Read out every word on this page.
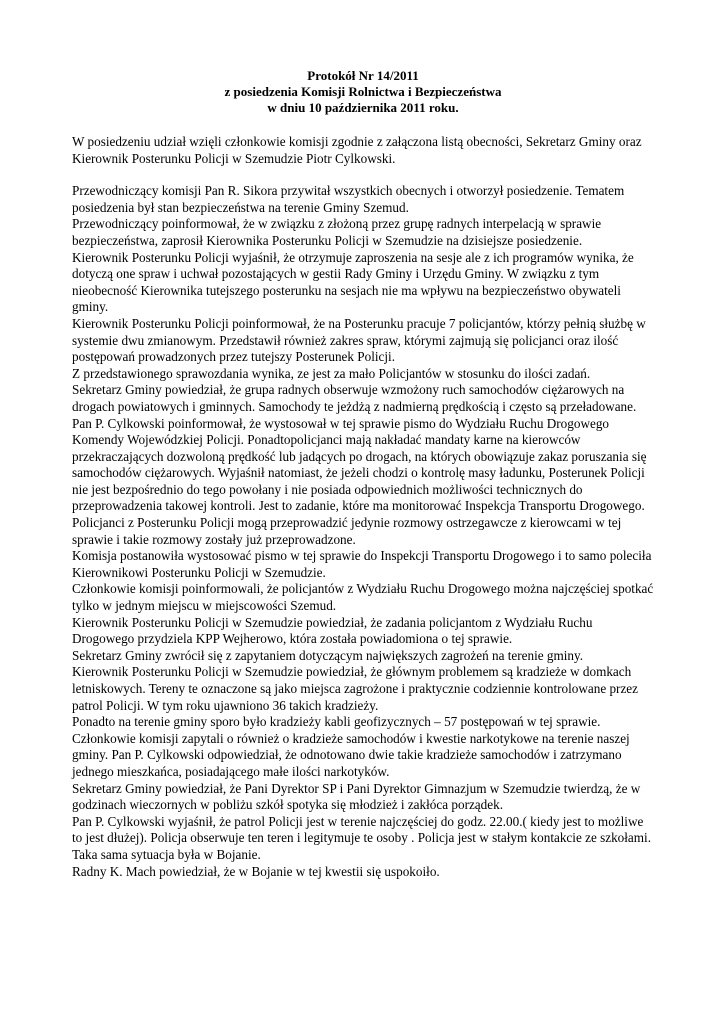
Protokół Nr 14/2011
z posiedzenia Komisji Rolnictwa i Bezpieczeństwa
w dniu 10 października 2011 roku.

W posiedzeniu udział wzięli członkowie komisji zgodnie z załączona listą obecności, Sekretarz Gminy oraz Kierownik Posterunku Policji w Szemudzie Piotr Cylkowski.

Przewodniczący komisji Pan R. Sikora przywitał wszystkich obecnych i otworzył posiedzenie. Tematem posiedzenia był stan bezpieczeństwa na terenie Gminy Szemud.

Przewodniczący poinformował, że w związku z złożoną przez grupę radnych interpelacją w sprawie bezpieczeństwa, zaprosił Kierownika Posterunku Policji w Szemudzie na dzisiejsze posiedzenie.

Kierownik Posterunku Policji wyjaśnił, że otrzymuje zaproszenia na sesje ale z ich programów wynika, że dotyczą one spraw i uchwał pozostających w gestii Rady Gminy i Urzędu Gminy. W związku z tym nieobecność Kierownika tutejszego posterunku na sesjach nie ma wpływu na bezpieczeństwo obywateli gminy.

Kierownik Posterunku Policji poinformował, że na Posterunku pracuje 7 policjantów, którzy pełnią służbę w systemie dwu zmianowym. Przedstawił również zakres spraw, którymi zajmują się policjanci oraz ilość postępowań prowadzonych przez tutejszy Posterunek Policji.

Z przedstawionego sprawozdania wynika, ze jest za mało Policjantów w stosunku do ilości zadań.

Sekretarz Gminy powiedział, że grupa radnych obserwuje wzmożony ruch samochodów ciężarowych na drogach powiatowych i gminnych. Samochody te jeżdżą z nadmierną prędkością i często są przeładowane.

Pan P. Cylkowski poinformował, że wystosował w tej sprawie pismo do Wydziału Ruchu Drogowego Komendy Wojewódzkiej Policji. Ponadtopolicjanci mają nakładać mandaty karne na kierowców przekraczających dozwoloną prędkość lub jadących po drogach, na których obowiązuje zakaz poruszania się samochodów ciężarowych. Wyjaśnił natomiast, że jeżeli chodzi o kontrolę masy ładunku, Posterunek Policji nie jest bezpośrednio do tego powołany i nie posiada odpowiednich możliwości technicznych do przeprowadzenia takowej kontroli. Jest to zadanie, które ma monitorować Inspekcja Transportu Drogowego. Policjanci z Posterunku Policji mogą przeprowadzić jedynie rozmowy ostrzegawcze z kierowcami w tej sprawie i takie rozmowy zostały już przeprowadzone.

Komisja postanowiła wystosować pismo w tej sprawie do Inspekcji Transportu Drogowego i to samo poleciła Kierownikowi Posterunku Policji w Szemudzie.

Członkowie komisji poinformowali, że policjantów z Wydziału Ruchu Drogowego można najczęściej spotkać tylko w jednym miejscu w miejscowości Szemud.

Kierownik Posterunku Policji w Szemudzie powiedział, że zadania policjantom z Wydziału Ruchu Drogowego przydziela KPP Wejherowo, która została powiadomiona o tej sprawie.

Sekretarz Gminy zwrócił się z zapytaniem dotyczącym największych zagrożeń na terenie gminy.

Kierownik Posterunku Policji w Szemudzie powiedział, że głównym problemem są kradzieże w domkach letniskowych. Tereny te oznaczone są jako miejsca zagrożone i praktycznie codziennie kontrolowane przez patrol Policji. W tym roku ujawniono 36 takich kradzieży.

Ponadto na terenie gminy sporo było kradzieży kabli geofizycznych – 57 postępowań w tej sprawie.

Członkowie komisji zapytali o również o kradzieże samochodów i kwestie narkotykowe na terenie naszej gminy. Pan P. Cylkowski odpowiedział, że odnotowano dwie takie kradzieże samochodów i zatrzymano jednego mieszkańca, posiadającego małe ilości narkotyków.

Sekretarz Gminy powiedział, że Pani Dyrektor SP i Pani Dyrektor Gimnazjum w Szemudzie twierdzą, że w godzinach wieczornych w pobliżu szkół spotyka się młodzież i zakłóca porządek.

Pan P. Cylkowski wyjaśnił, że patrol Policji jest w terenie najczęściej do godz. 22.00.( kiedy jest to możliwe to jest dłużej). Policja obserwuje ten teren i legitymuje te osoby . Policja jest w stałym kontakcie ze szkołami. Taka sama sytuacja była w Bojanie.

Radny K. Mach powiedział, że w Bojanie w tej kwestii się uspokoiło.
